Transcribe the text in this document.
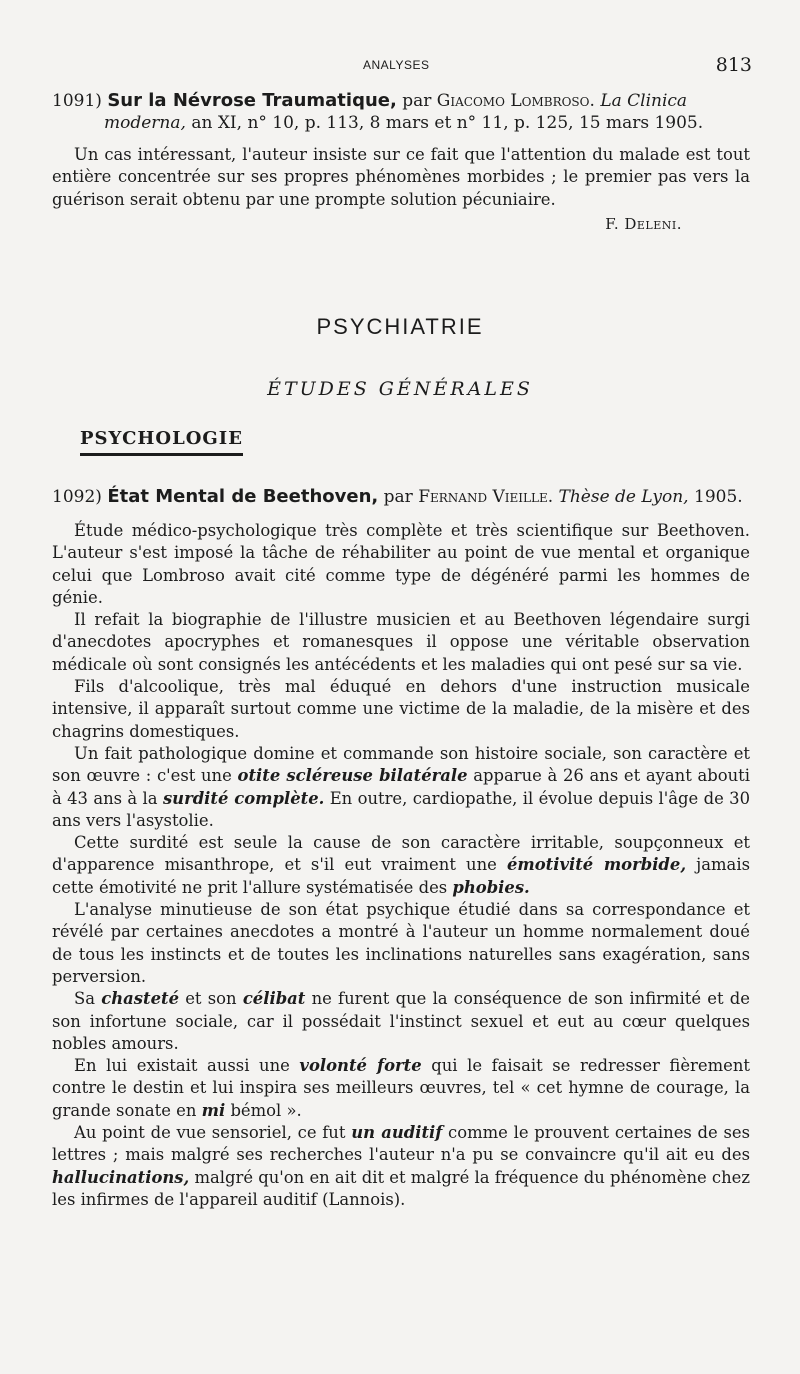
ANALYSES	813
1091) Sur la Névrose Traumatique, par Giacomo Lombroso. La Clinica moderna, an XI, n° 10, p. 113, 8 mars et n° 11, p. 125, 15 mars 1905.

Un cas intéressant, l'auteur insiste sur ce fait que l'attention du malade est tout entière concentrée sur ses propres phénomènes morbides ; le premier pas vers la guérison serait obtenu par une prompte solution pécuniaire.

F. Deleni.
PSYCHIATRIE
ÉTUDES GÉNÉRALES
PSYCHOLOGIE
1092) État Mental de Beethoven, par Fernand Vieille. Thèse de Lyon, 1905.

Étude médico-psychologique très complète et très scientifique sur Beethoven. L'auteur s'est imposé la tâche de réhabiliter au point de vue mental et organique celui que Lombroso avait cité comme type de dégénéré parmi les hommes de génie.

Il refait la biographie de l'illustre musicien et au Beethoven légendaire surgi d'anecdotes apocryphes et romanesques il oppose une véritable observation médicale où sont consignés les antécédents et les maladies qui ont pesé sur sa vie.

Fils d'alcoolique, très mal éduqué en dehors d'une instruction musicale intensive, il apparaît surtout comme une victime de la maladie, de la misère et des chagrins domestiques.

Un fait pathologique domine et commande son histoire sociale, son caractère et son œuvre : c'est une otite scléreuse bilatérale apparue à 26 ans et ayant abouti à 43 ans à la surdité complète. En outre, cardiopathe, il évolue depuis l'âge de 30 ans vers l'asystolie.

Cette surdité est seule la cause de son caractère irritable, soupçonneux et d'apparence misanthrope, et s'il eut vraiment une émotivité morbide, jamais cette émotivité ne prit l'allure systématisée des phobies.

L'analyse minutieuse de son état psychique étudié dans sa correspondance et révélé par certaines anecdotes a montré à l'auteur un homme normalement doué de tous les instincts et de toutes les inclinations naturelles sans exagération, sans perversion.

Sa chasteté et son célibat ne furent que la conséquence de son infirmité et de son infortune sociale, car il possédait l'instinct sexuel et eut au cœur quelques nobles amours.

En lui existait aussi une volonté forte qui le faisait se redresser fièrement contre le destin et lui inspira ses meilleurs œuvres, tel « cet hymne de courage, la grande sonate en mi bémol ».

Au point de vue sensoriel, ce fut un auditif comme le prouvent certaines de ses lettres ; mais malgré ses recherches l'auteur n'a pu se convaincre qu'il ait eu des hallucinations, malgré qu'on en ait dit et malgré la fréquence du phénomène chez les infirmes de l'appareil auditif (Lannois).
